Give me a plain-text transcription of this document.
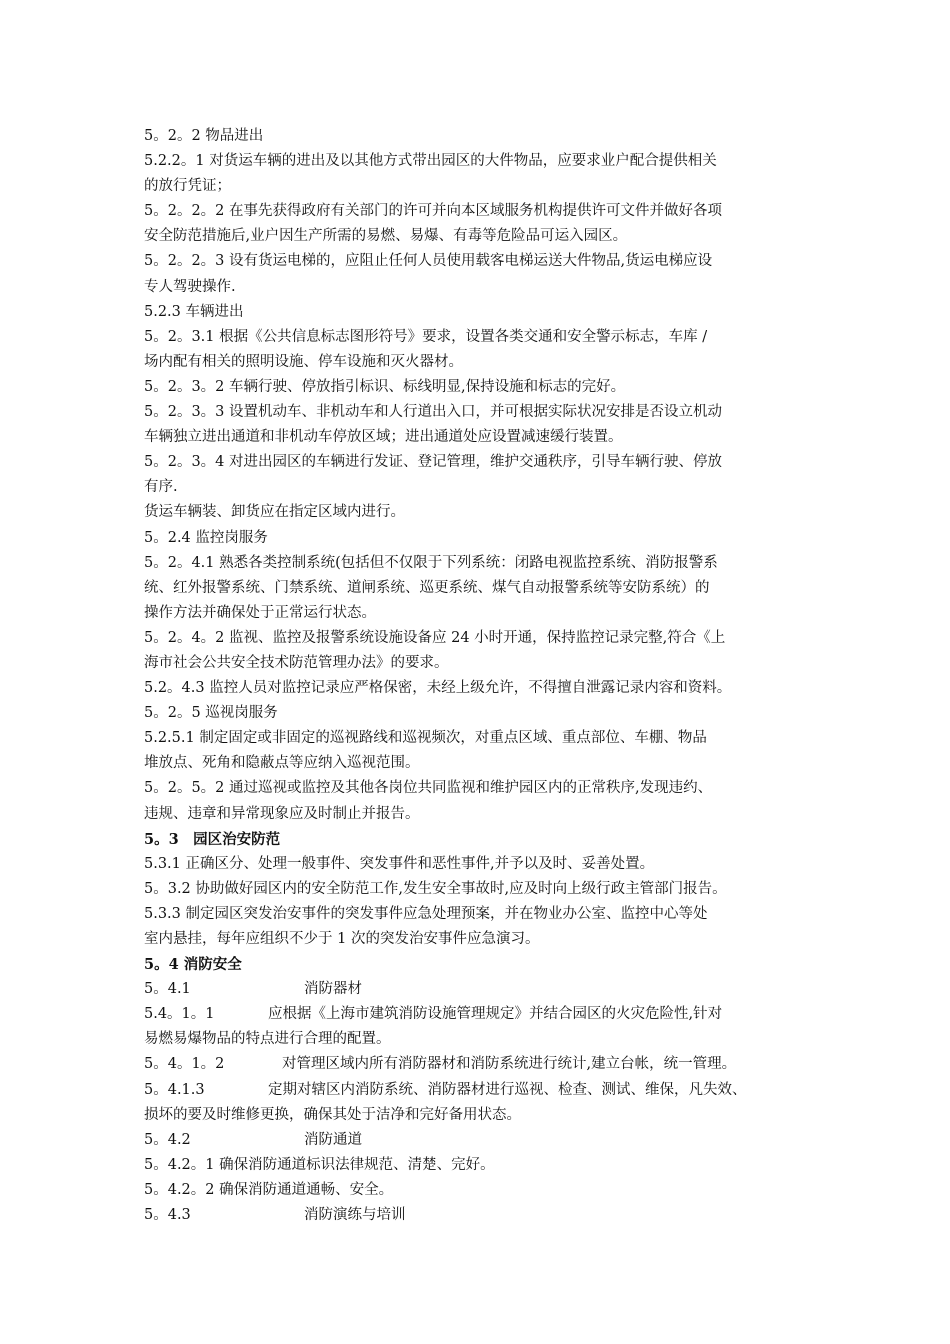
5。2。2 物品进出
5.2.2。1 对货运车辆的进出及以其他方式带出园区的大件物品，应要求业户配合提供相关
的放行凭证；
5。2。2。2 在事先获得政府有关部门的许可并向本区域服务机构提供许可文件并做好各项
安全防范措施后,业户因生产所需的易燃、易爆、有毒等危险品可运入园区。
5。2。2。3 设有货运电梯的，应阻止任何人员使用载客电梯运送大件物品,货运电梯应设
专人驾驶操作.
5.2.3 车辆进出
5。2。3.1 根据《公共信息标志图形符号》要求，设置各类交通和安全警示标志，车库 /
场内配有相关的照明设施、停车设施和灭火器材。
5。2。3。2 车辆行驶、停放指引标识、标线明显,保持设施和标志的完好。
5。2。3。3 设置机动车、非机动车和人行道出入口，并可根据实际状况安排是否设立机动
车辆独立进出通道和非机动车停放区域；进出通道处应设置减速缓行装置。
5。2。3。4 对进出园区的车辆进行发证、登记管理，维护交通秩序，引导车辆行驶、停放
有序.
货运车辆装、卸货应在指定区域内进行。
5。2.4 监控岗服务
5。2。4.1 熟悉各类控制系统(包括但不仅限于下列系统：闭路电视监控系统、消防报警系
统、红外报警系统、门禁系统、道闸系统、巡更系统、煤气自动报警系统等安防系统）的
操作方法并确保处于正常运行状态。
5。2。4。2 监视、监控及报警系统设施设备应 24 小时开通，保持监控记录完整,符合《上
海市社会公共安全技术防范管理办法》的要求。
5.2。4.3 监控人员对监控记录应严格保密，未经上级允许，不得擅自泄露记录内容和资料。
5。2。5 巡视岗服务
5.2.5.1 制定固定或非固定的巡视路线和巡视频次，对重点区域、重点部位、车棚、物品
堆放点、死角和隐蔽点等应纳入巡视范围。
5。2。5。2 通过巡视或监控及其他各岗位共同监视和维护园区内的正常秩序,发现违约、
违规、违章和异常现象应及时制止并报告。
5。3　园区治安防范
5.3.1 正确区分、处理一般事件、突发事件和恶性事件,并予以及时、妥善处置。
5。3.2 协助做好园区内的安全防范工作,发生安全事故时,应及时向上级行政主管部门报告。
5.3.3 制定园区突发治安事件的突发事件应急处理预案，并在物业办公室、监控中心等处
室内悬挂，每年应组织不少于 1 次的突发治安事件应急演习。
5。4 消防安全
5。4.1	消防器材
5.4。1。1	应根据《上海市建筑消防设施管理规定》并结合园区的火灾危险性,针对
易燃易爆物品的特点进行合理的配置。
5。4。1。2	对管理区域内所有消防器材和消防系统进行统计,建立台帐，统一管理。
5。4.1.3	定期对辖区内消防系统、消防器材进行巡视、检查、测试、维保，凡失效、
损坏的要及时维修更换，确保其处于洁净和完好备用状态。
5。4.2	消防通道
5。4.2。1 确保消防通道标识法律规范、清楚、完好。
5。4.2。2 确保消防通道通畅、安全。
5。4.3	消防演练与培训
